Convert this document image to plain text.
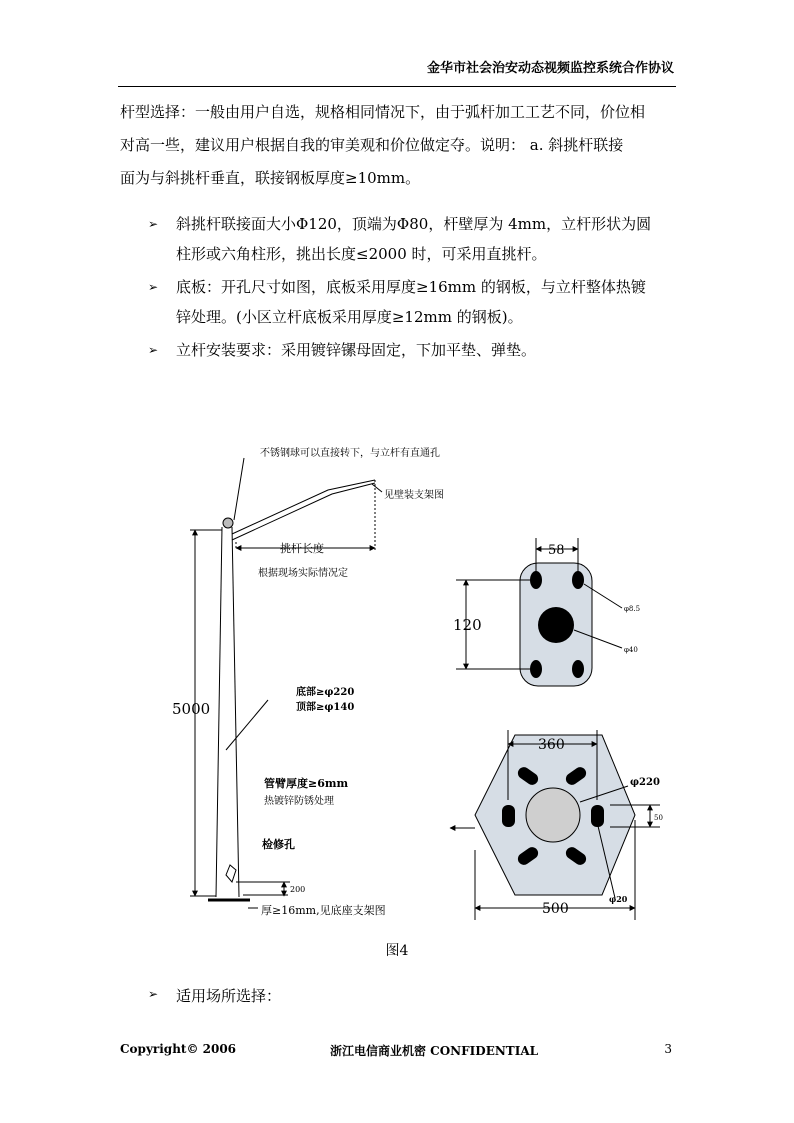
金华市社会治安动态视频监控系统合作协议

杆型选择：一般由用户自选，规格相同情况下，由于弧杆加工工艺不同，价位相
对高一些，建议用户根据自我的审美观和价位做定夺。说明： a. 斜挑杆联接
面为与斜挑杆垂直，联接钢板厚度≥10mm。

➢ 斜挑杆联接面大小Φ120，顶端为Φ80，杆壁厚为 4mm，立杆形状为圆
柱形或六角柱形，挑出长度≤2000 时，可采用直挑杆。
➢ 底板：开孔尺寸如图，底板采用厚度≥16mm 的钢板，与立杆整体热镀
锌处理。(小区立杆底板采用厚度≥12mm 的钢板)。
➢ 立杆安装要求：采用镀锌镙母固定，下加平垫、弹垫。
不锈钢球可以直接转下，与立杆有直通孔
见壁装支架图
挑杆长度
根据现场实际情况定
5000
底部≥φ220
顶部≥φ140
管臂厚度≥6mm
热镀锌防锈处理
检修孔
200
厚≥16mm,见底座支架图
58
120
φ8.5
φ40
360
φ220
50
φ20
500
图4
➢ 适用场所选择：
Copyright© 2006	浙江电信商业机密 CONFIDENTIAL	3
